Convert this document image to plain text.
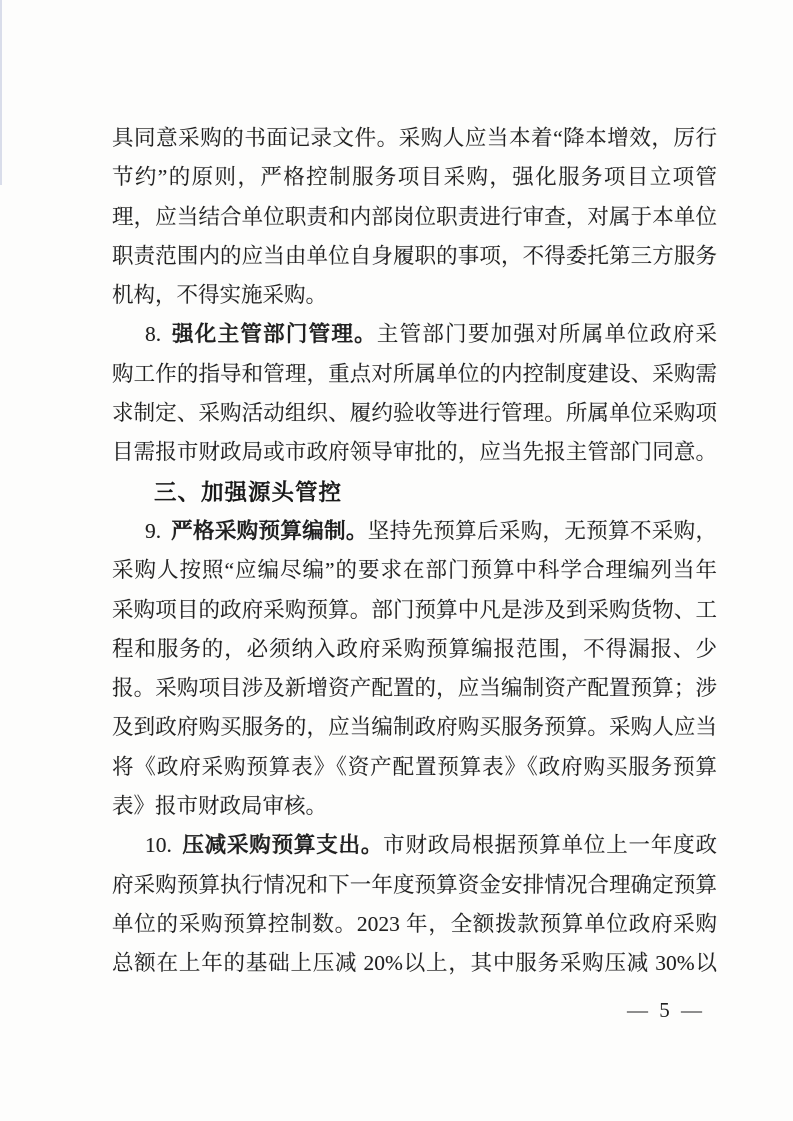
具同意采购的书面记录文件。采购人应当本着“降本增效，厉行
节约”的原则，严格控制服务项目采购，强化服务项目立项管
理，应当结合单位职责和内部岗位职责进行审查，对属于本单位
职责范围内的应当由单位自身履职的事项，不得委托第三方服务
机构，不得实施采购。
8. 强化主管部门管理。主管部门要加强对所属单位政府采
购工作的指导和管理，重点对所属单位的内控制度建设、采购需
求制定、采购活动组织、履约验收等进行管理。所属单位采购项
目需报市财政局或市政府领导审批的，应当先报主管部门同意。
三、加强源头管控
9. 严格采购预算编制。坚持先预算后采购，无预算不采购，
采购人按照“应编尽编”的要求在部门预算中科学合理编列当年
采购项目的政府采购预算。部门预算中凡是涉及到采购货物、工
程和服务的，必须纳入政府采购预算编报范围，不得漏报、少
报。采购项目涉及新增资产配置的，应当编制资产配置预算；涉
及到政府购买服务的，应当编制政府购买服务预算。采购人应当
将《政府采购预算表》《资产配置预算表》《政府购买服务预算
表》报市财政局审核。
10. 压减采购预算支出。市财政局根据预算单位上一年度政
府采购预算执行情况和下一年度预算资金安排情况合理确定预算
单位的采购预算控制数。2023 年，全额拨款预算单位政府采购
总额在上年的基础上压减 20%以上，其中服务采购压减 30%以
— 5 —
